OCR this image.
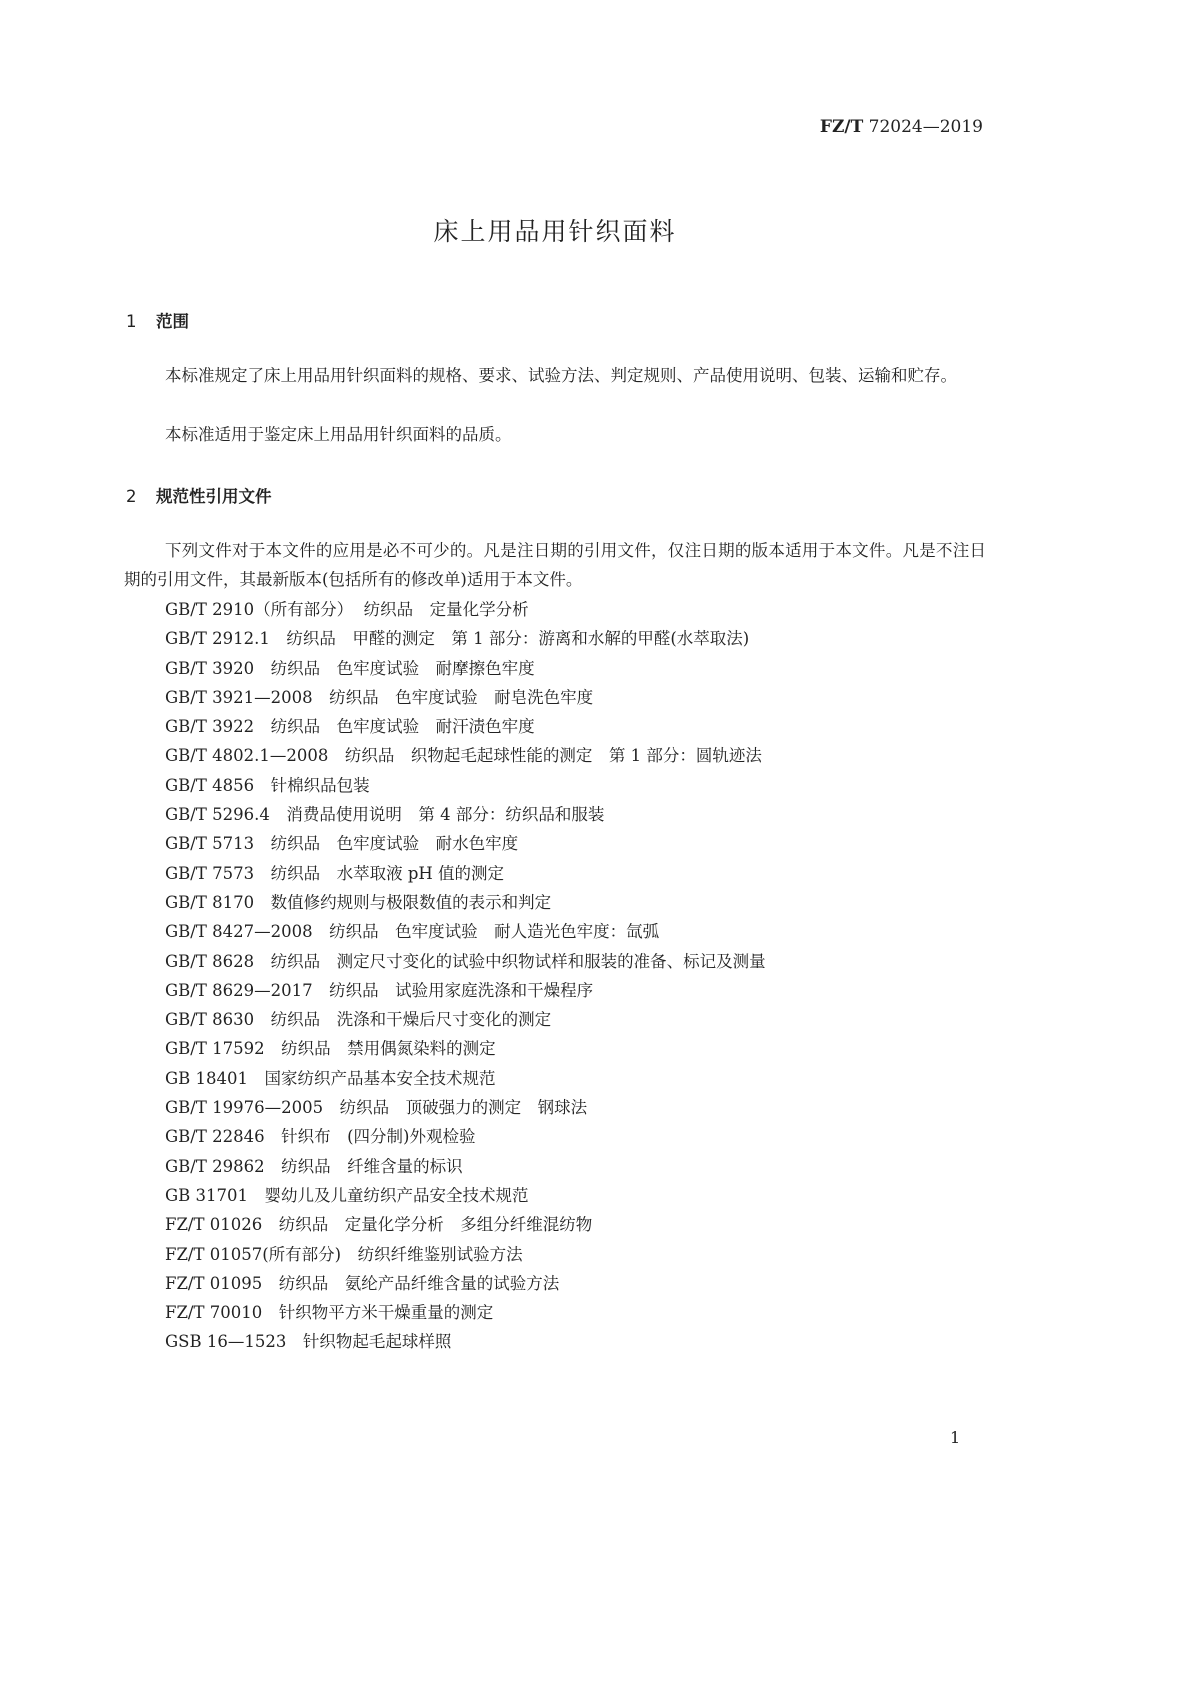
FZ/T 72024—2019
床上用品用针织面料
1 范围
本标准规定了床上用品用针织面料的规格、要求、试验方法、判定规则、产品使用说明、包装、运输和贮存。
本标准适用于鉴定床上用品用针织面料的品质。
2 规范性引用文件
下列文件对于本文件的应用是必不可少的。凡是注日期的引用文件，仅注日期的版本适用于本文件。凡是不注日期的引用文件，其最新版本(包括所有的修改单)适用于本文件。
GB/T 2910（所有部分）  纺织品　定量化学分析
GB/T 2912.1　纺织品　甲醛的测定　第 1 部分：游离和水解的甲醛(水萃取法)
GB/T 3920　纺织品　色牢度试验　耐摩擦色牢度
GB/T 3921—2008　纺织品　色牢度试验　耐皂洗色牢度
GB/T 3922　纺织品　色牢度试验　耐汗渍色牢度
GB/T 4802.1—2008　纺织品　织物起毛起球性能的测定　第 1 部分：圆轨迹法
GB/T 4856　针棉织品包装
GB/T 5296.4　消费品使用说明　第 4 部分：纺织品和服装
GB/T 5713　纺织品　色牢度试验　耐水色牢度
GB/T 7573　纺织品　水萃取液 pH 值的测定
GB/T 8170　数值修约规则与极限数值的表示和判定
GB/T 8427—2008　纺织品　色牢度试验　耐人造光色牢度：氙弧
GB/T 8628　纺织品　测定尺寸变化的试验中织物试样和服装的准备、标记及测量
GB/T 8629—2017　纺织品　试验用家庭洗涤和干燥程序
GB/T 8630　纺织品　洗涤和干燥后尺寸变化的测定
GB/T 17592　纺织品　禁用偶氮染料的测定
GB 18401　国家纺织产品基本安全技术规范
GB/T 19976—2005　纺织品　顶破强力的测定　钢球法
GB/T 22846　针织布　(四分制)外观检验
GB/T 29862　纺织品　纤维含量的标识
GB 31701　婴幼儿及儿童纺织产品安全技术规范
FZ/T 01026　纺织品　定量化学分析　多组分纤维混纺物
FZ/T 01057(所有部分)　纺织纤维鉴别试验方法
FZ/T 01095　纺织品　氨纶产品纤维含量的试验方法
FZ/T 70010　针织物平方米干燥重量的测定
GSB 16—1523　针织物起毛起球样照
1
